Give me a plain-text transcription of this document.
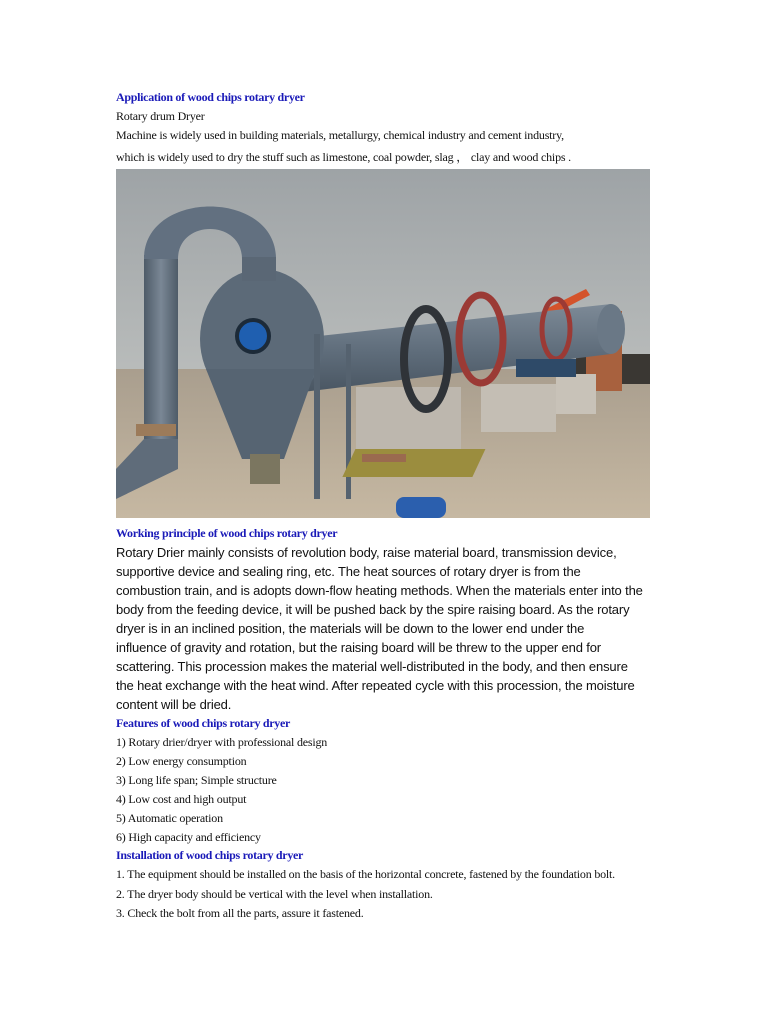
Application of wood chips rotary dryer
Rotary drum Dryer
Machine is widely used in building materials, metallurgy, chemical industry and cement industry,
which is widely used to dry the stuff such as limestone, coal powder, slag ， clay and wood chips .
Working principle of wood chips rotary dryer
Rotary Drier mainly consists of revolution body, raise material board, transmission device,
supportive device and sealing ring, etc. The heat sources of rotary dryer is from the
combustion train, and is adopts down-flow heating methods. When the materials enter into the
body from the feeding device, it will be pushed back by the spire raising board. As the rotary
dryer is in an inclined position, the materials will be down to the lower end under the
influence of gravity and rotation, but the raising board will be threw to the upper end for
scattering. This procession makes the material well-distributed in the body, and then ensure
the heat exchange with the heat wind. After repeated cycle with this procession, the moisture
content will be dried.
Features of wood chips rotary dryer
1) Rotary drier/dryer with professional design
2) Low energy consumption
3) Long life span; Simple structure
4) Low cost and high output
5) Automatic operation
6) High capacity and efficiency
Installation of wood chips rotary dryer
1. The equipment should be installed on the basis of the horizontal concrete, fastened by the foundation bolt.
2. The dryer body should be vertical with the level when installation.
3. Check the bolt from all the parts, assure it fastened.
